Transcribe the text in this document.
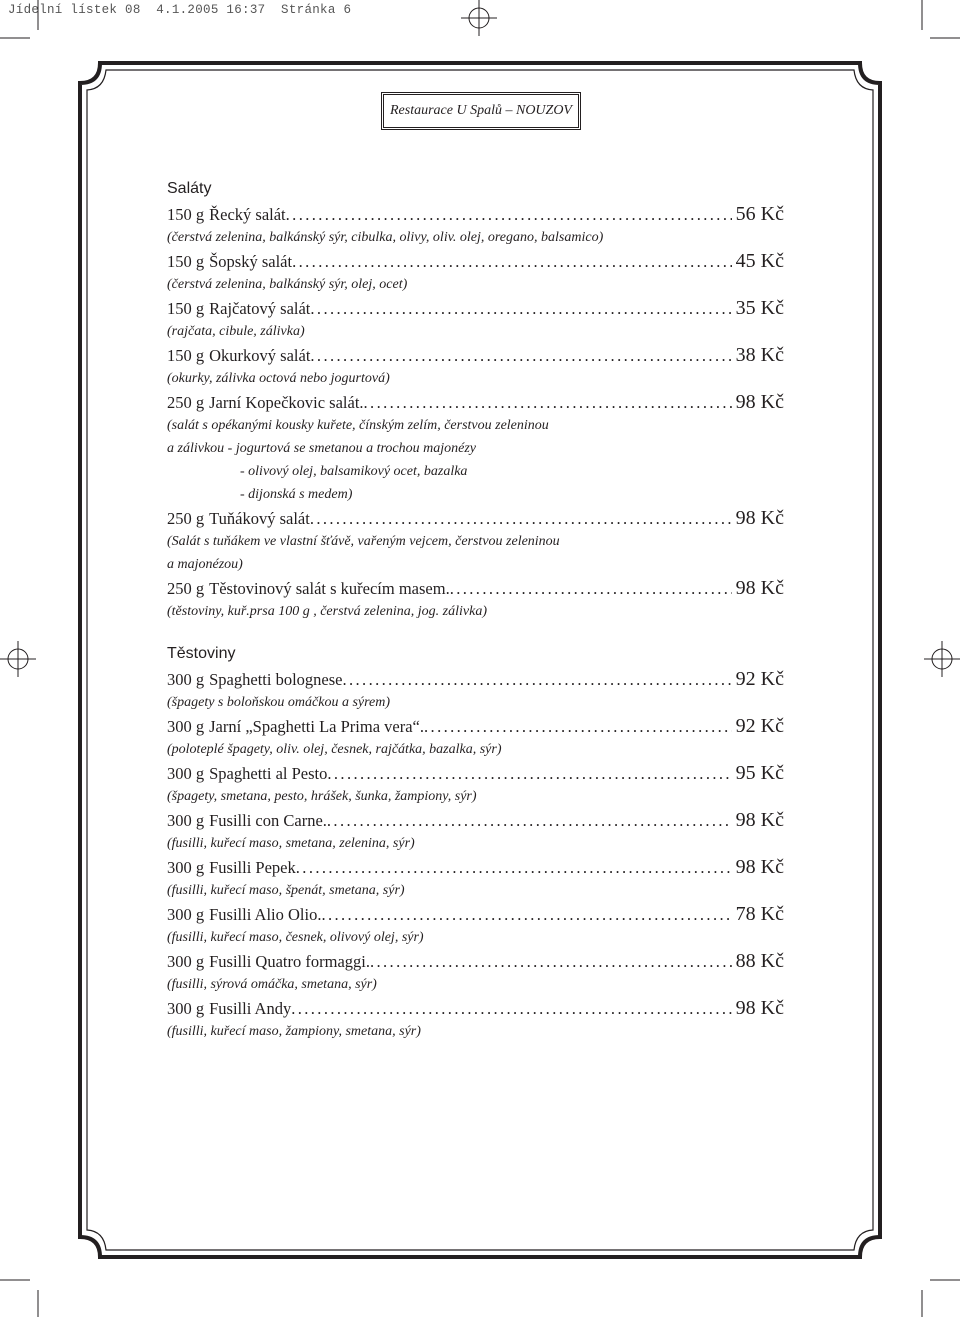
Jídelní lístek 08  4.1.2005 16:37  Stránka 6
Restaurace U Spalů – NOUZOV
Saláty
150 g Řecký salát .....	56 Kč
(čerstvá zelenina, balkánský sýr, cibulka, olivy, oliv. olej, oregano, balsamico)
150 g Šopský salát .....	45 Kč
(čerstvá zelenina, balkánský sýr, olej, ocet)
150 g Rajčatový salát .....	35 Kč
(rajčata, cibule, zálivka)
150 g Okurkový salát .....	38 Kč
(okurky, zálivka octová nebo jogurtová)
250 g Jarní Kopečkovic salát. .....	98 Kč
(salát s opékanými kousky kuřete, čínským zelím, čerstvou zeleninou
a zálivkou - jogurtová se smetanou a trochou majonézy
- olivový olej, balsamikový ocet, bazalka
- dijonská s medem)
250 g Tuňákový salát .....	98 Kč
(Salát s tuňákem ve vlastní šťávě, vařeným vejcem, čerstvou zeleninou
a majonézou)
250 g Těstovinový salát s kuřecím masem. .....	98 Kč
(těstoviny, kuř.prsa 100 g , čerstvá zelenina, jog. zálivka)
Těstoviny
300 g Spaghetti bolognese .....	92 Kč
(špagety s boloňskou omáčkou a sýrem)
300 g Jarní „Spaghetti La Prima vera“. .....	92 Kč
(poloteplé špagety, oliv. olej, česnek, rajčátka, bazalka, sýr)
300 g Spaghetti al Pesto .....	95 Kč
(špagety, smetana, pesto, hrášek, šunka, žampiony, sýr)
300 g Fusilli con Carne. .....	98 Kč
(fusilli, kuřecí maso, smetana, zelenina, sýr)
300 g Fusilli Pepek .....	98 Kč
(fusilli, kuřecí maso, špenát, smetana, sýr)
300 g Fusilli Alio Olio. .....	78 Kč
(fusilli, kuřecí maso, česnek, olivový olej, sýr)
300 g Fusilli Quatro formaggi. .....	88 Kč
(fusilli, sýrová omáčka, smetana, sýr)
300 g Fusilli Andy .....	98 Kč
(fusilli, kuřecí maso, žampiony, smetana, sýr)
